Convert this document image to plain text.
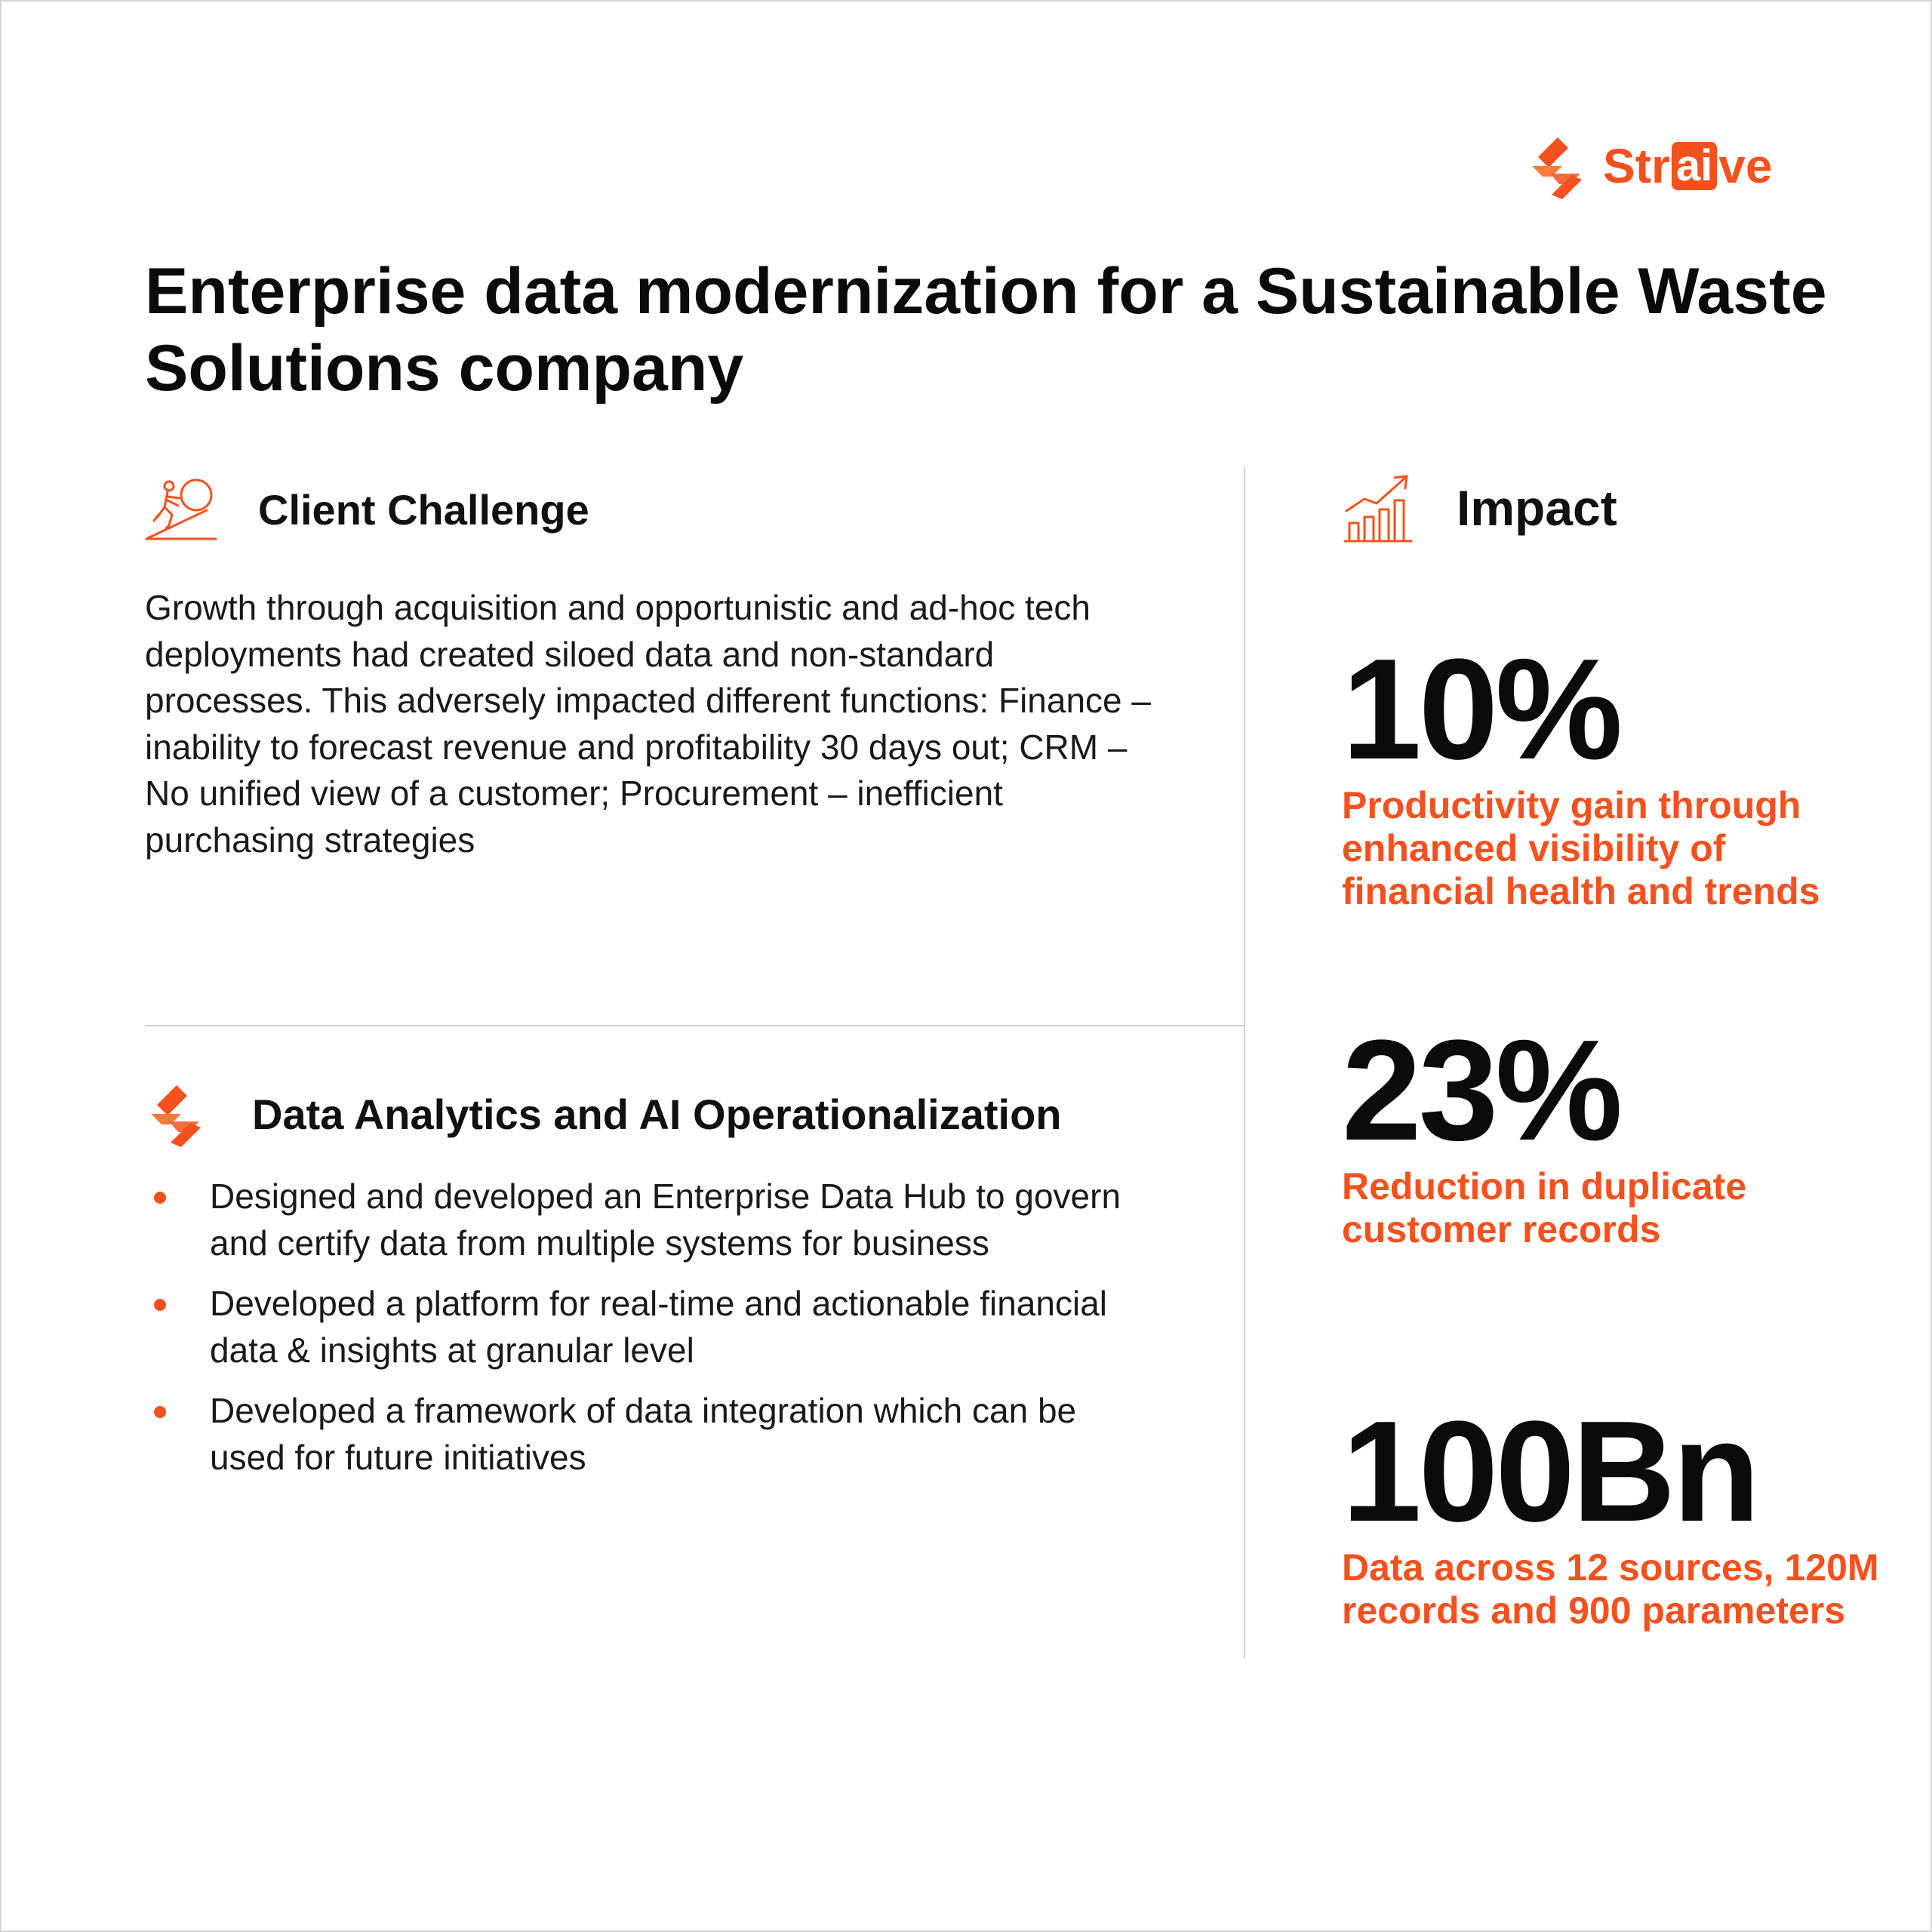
Str ai ve
Enterprise data modernization for a Sustainable Waste Solutions company
Client Challenge

Growth through acquisition and opportunistic and ad-hoc tech deployments had created siloed data and non-standard processes. This adversely impacted different functions: Finance – inability to forecast revenue and profitability 30 days out; CRM – No unified view of a customer; Procurement – inefficient purchasing strategies

Data Analytics and AI Operationalization
Designed and developed an Enterprise Data Hub to govern and certify data from multiple systems for business
Developed a platform for real-time and actionable financial data & insights at granular level
Developed a framework of data integration which can be used for future initiatives
Impact
10%
Productivity gain through enhanced visibility of financial health and trends
23%
Reduction in duplicate customer records
100Bn
Data across 12 sources, 120M records and 900 parameters
